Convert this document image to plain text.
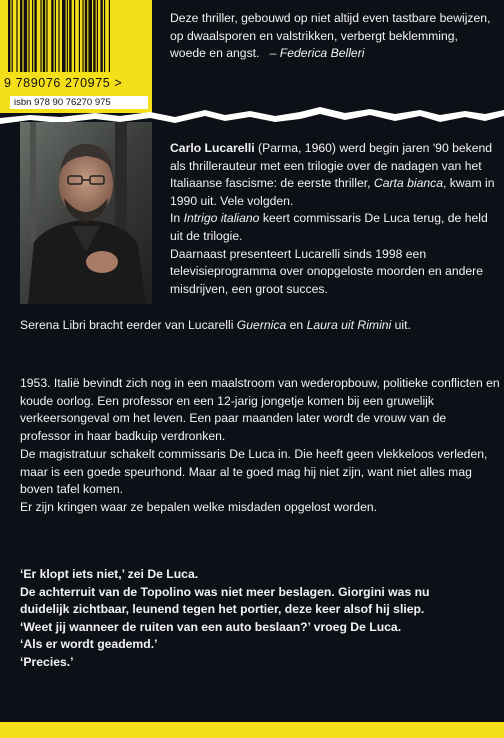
9 789076 270975 >
isbn 978 90 76270 975
Deze thriller, gebouwd op niet altijd even tastbare bewijzen, op dwaalsporen en valstrikken, verbergt beklemming, woede en angst. – Federica Belleri

Carlo Lucarelli (Parma, 1960) werd begin jaren '90 bekend als thrillerauteur met een trilogie over de nadagen van het Italiaanse fascisme: de eerste thriller, Carta bianca, kwam in 1990 uit. Vele volgden.

In Intrigo italiano keert commissaris De Luca terug, de held uit de trilogie.

Daarnaast presenteert Lucarelli sinds 1998 een televisieprogramma over onopgeloste moorden en andere misdrijven, een groot succes.

Serena Libri bracht eerder van Lucarelli Guernica en Laura uit Rimini uit.

1953. Italië bevindt zich nog in een maalstroom van wederopbouw, politieke conflicten en koude oorlog. Een professor en een 12-jarig jongetje komen bij een gruwelijk verkeersongeval om het leven. Een paar maanden later wordt de vrouw van de professor in haar badkuip verdronken.

De magistratuur schakelt commissaris De Luca in. Die heeft geen vlekkeloos verleden, maar is een goede speurhond. Maar al te goed mag hij niet zijn, want niet alles mag boven tafel komen.

Er zijn kringen waar ze bepalen welke misdaden opgelost worden.

‘Er klopt iets niet,’ zei De Luca.

De achterruit van de Topolino was niet meer beslagen. Giorgini was nu

duidelijk zichtbaar, leunend tegen het portier, deze keer alsof hij sliep.

‘Weet jij wanneer de ruiten van een auto beslaan?’ vroeg De Luca.

‘Als er wordt geademd.’

‘Precies.’
